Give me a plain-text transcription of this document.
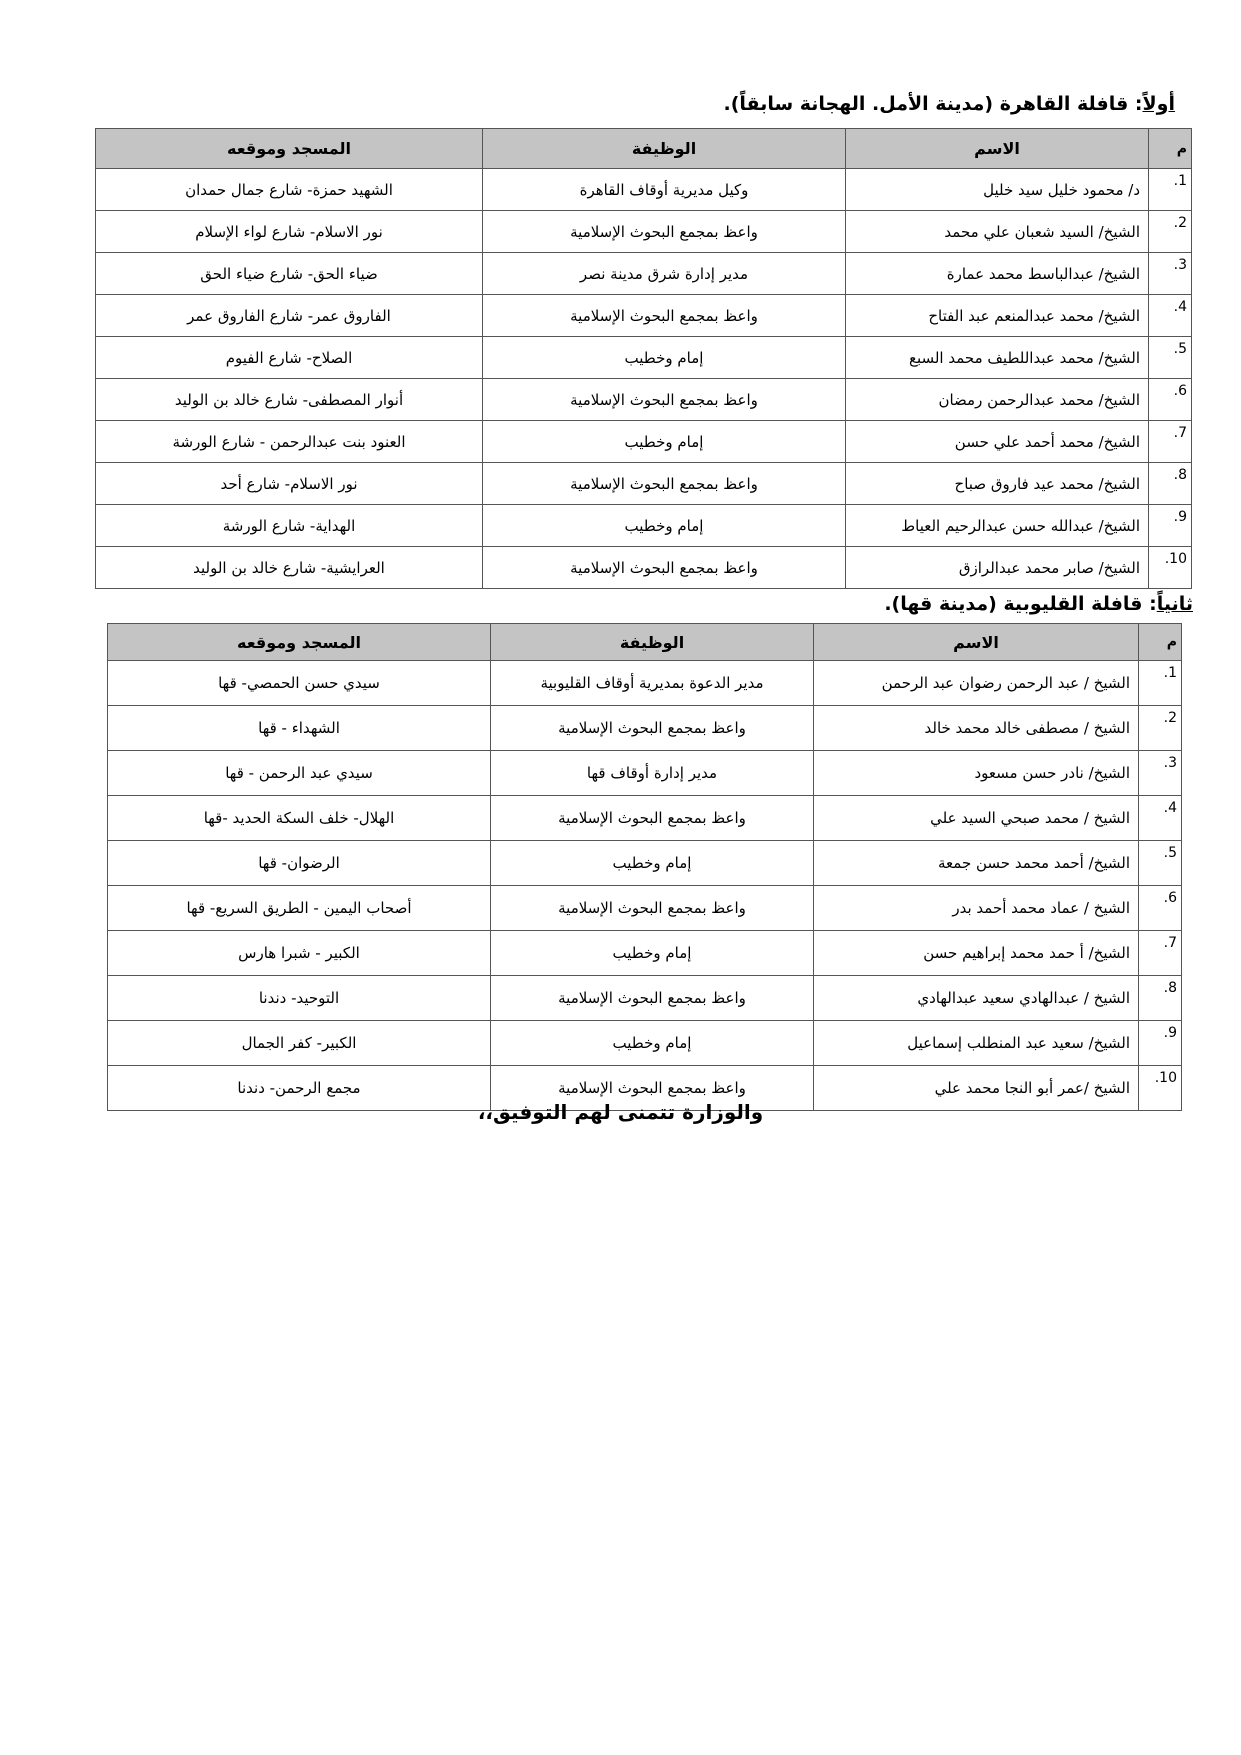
أولاً: قافلة القاهرة (مدينة الأمل. الهجانة سابقاً).
م	الاسم	الوظيفة	المسجد وموقعه
1.	د/ محمود خليل سيد خليل	وكيل مديرية أوقاف القاهرة	الشهيد حمزة- شارع جمال حمدان
2.	الشيخ/ السيد شعبان علي محمد	واعظ بمجمع البحوث الإسلامية	نور الاسلام- شارع لواء الإسلام
3.	الشيخ/ عبدالباسط محمد عمارة	مدير إدارة شرق مدينة نصر	ضياء الحق- شارع ضياء الحق
4.	الشيخ/ محمد عبدالمنعم عبد الفتاح	واعظ بمجمع البحوث الإسلامية	الفاروق عمر- شارع الفاروق عمر
5.	الشيخ/ محمد عبداللطيف محمد السبع	إمام وخطيب	الصلاح- شارع الفيوم
6.	الشيخ/ محمد عبدالرحمن رمضان	واعظ بمجمع البحوث الإسلامية	أنوار المصطفى- شارع خالد بن الوليد
7.	الشيخ/ محمد أحمد علي حسن	إمام وخطيب	العنود بنت عبدالرحمن - شارع الورشة
8.	الشيخ/ محمد عيد فاروق صباح	واعظ بمجمع البحوث الإسلامية	نور الاسلام- شارع أحد
9.	الشيخ/ عبدالله حسن عبدالرحيم العياط	إمام وخطيب	الهداية- شارع الورشة
10.	الشيخ/ صابر محمد عبدالرازق	واعظ بمجمع البحوث الإسلامية	العرايشية- شارع خالد بن الوليد
ثانياً: قافلة القليوبية (مدينة قها).
م	الاسم	الوظيفة	المسجد وموقعه
1.	الشيخ / عبد الرحمن رضوان عبد الرحمن	مدير الدعوة بمديرية أوقاف القليوبية	سيدي حسن الحمصي- قها
2.	الشيخ / مصطفى خالد محمد خالد	واعظ بمجمع البحوث الإسلامية	الشهداء - قها
3.	الشيخ/ نادر حسن مسعود	مدير إدارة أوقاف قها	سيدي عبد الرحمن - قها
4.	الشيخ / محمد صبحي السيد علي	واعظ بمجمع البحوث الإسلامية	الهلال- خلف السكة الحديد -قها
5.	الشيخ/ أحمد محمد حسن جمعة	إمام وخطيب	الرضوان- قها
6.	الشيخ / عماد محمد أحمد بدر	واعظ بمجمع البحوث الإسلامية	أصحاب اليمين - الطريق السريع- قها
7.	الشيخ/ أ حمد محمد إبراهيم حسن	إمام وخطيب	الكبير - شبرا هارس
8.	الشيخ / عبدالهادي سعيد عبدالهادي	واعظ بمجمع البحوث الإسلامية	التوحيد- دندنا
9.	الشيخ/ سعيد عبد المنطلب إسماعيل	إمام وخطيب	الكبير- كفر الجمال
10.	الشيخ /عمر أبو النجا محمد علي	واعظ بمجمع البحوث الإسلامية	مجمع الرحمن- دندنا
والوزارة تتمنى لهم التوفيق،،
